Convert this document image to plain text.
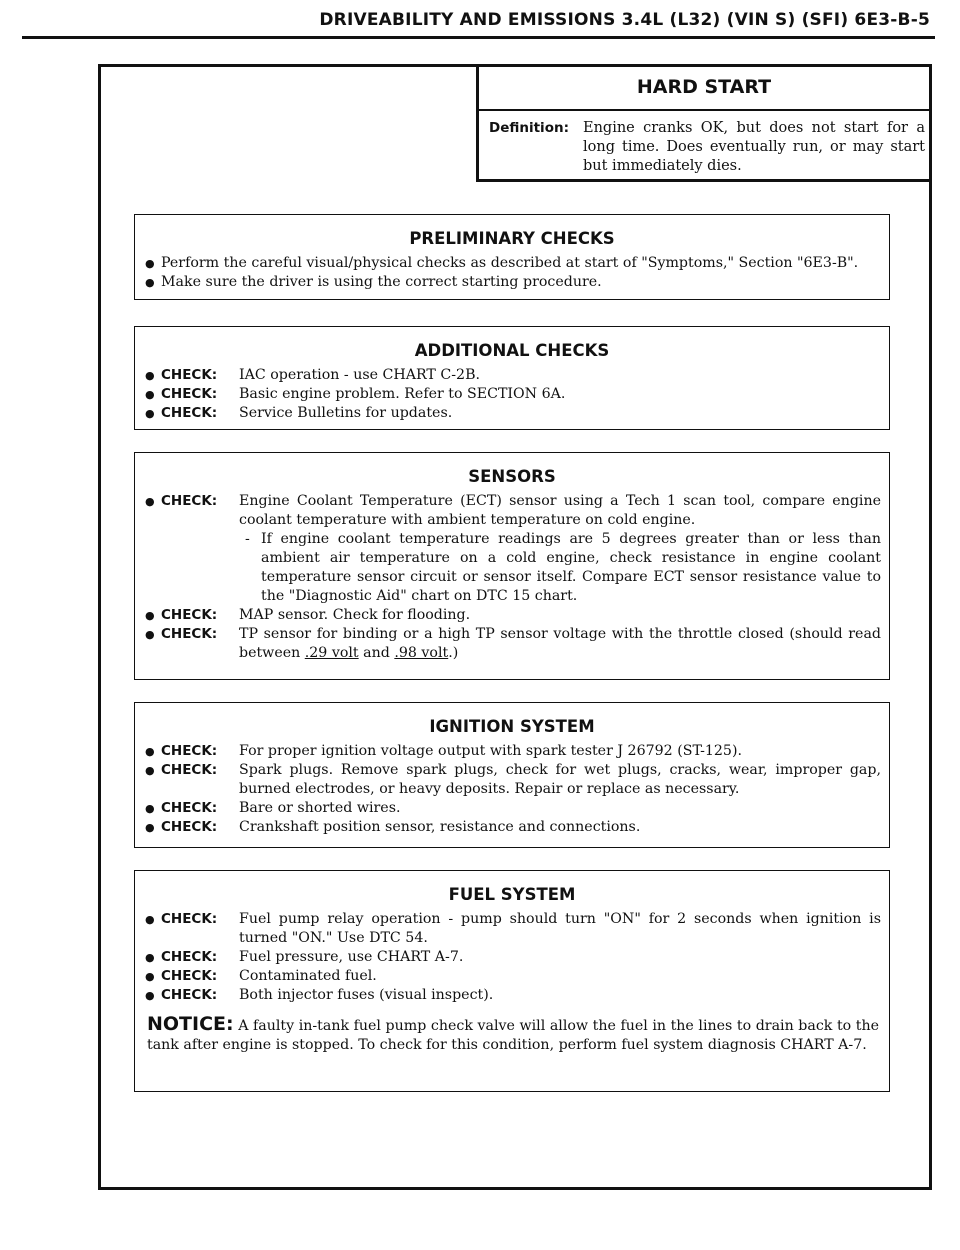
DRIVEABILITY AND EMISSIONS 3.4L (L32) (VIN S) (SFI) 6E3-B-5
HARD START
Definition: Engine cranks OK, but does not start for a long time. Does eventually run, or may start but immediately dies.
PRELIMINARY CHECKS
● Perform the careful visual/physical checks as described at start of "Symptoms," Section "6E3-B".
● Make sure the driver is using the correct starting procedure.
ADDITIONAL CHECKS
● CHECK:	IAC operation - use CHART C-2B.
● CHECK:	Basic engine problem. Refer to SECTION 6A.
● CHECK:	Service Bulletins for updates.
SENSORS
● CHECK:	Engine Coolant Temperature (ECT) sensor using a Tech 1 scan tool, compare engine coolant temperature with ambient temperature on cold engine.
- If engine coolant temperature readings are 5 degrees greater than or less than ambient air temperature on a cold engine, check resistance in engine coolant temperature sensor circuit or sensor itself. Compare ECT sensor resistance value to the "Diagnostic Aid" chart on DTC 15 chart.
● CHECK:	MAP sensor. Check for flooding.
● CHECK:	TP sensor for binding or a high TP sensor voltage with the throttle closed (should read between .29 volt and .98 volt.)
IGNITION SYSTEM
● CHECK:	For proper ignition voltage output with spark tester J 26792 (ST-125).
● CHECK:	Spark plugs. Remove spark plugs, check for wet plugs, cracks, wear, improper gap, burned electrodes, or heavy deposits. Repair or replace as necessary.
● CHECK:	Bare or shorted wires.
● CHECK:	Crankshaft position sensor, resistance and connections.
FUEL SYSTEM
● CHECK:	Fuel pump relay operation - pump should turn "ON" for 2 seconds when ignition is turned "ON." Use DTC 54.
● CHECK:	Fuel pressure, use CHART A-7.
● CHECK:	Contaminated fuel.
● CHECK:	Both injector fuses (visual inspect).
NOTICE: A faulty in-tank fuel pump check valve will allow the fuel in the lines to drain back to the tank after engine is stopped. To check for this condition, perform fuel system diagnosis CHART A-7.
